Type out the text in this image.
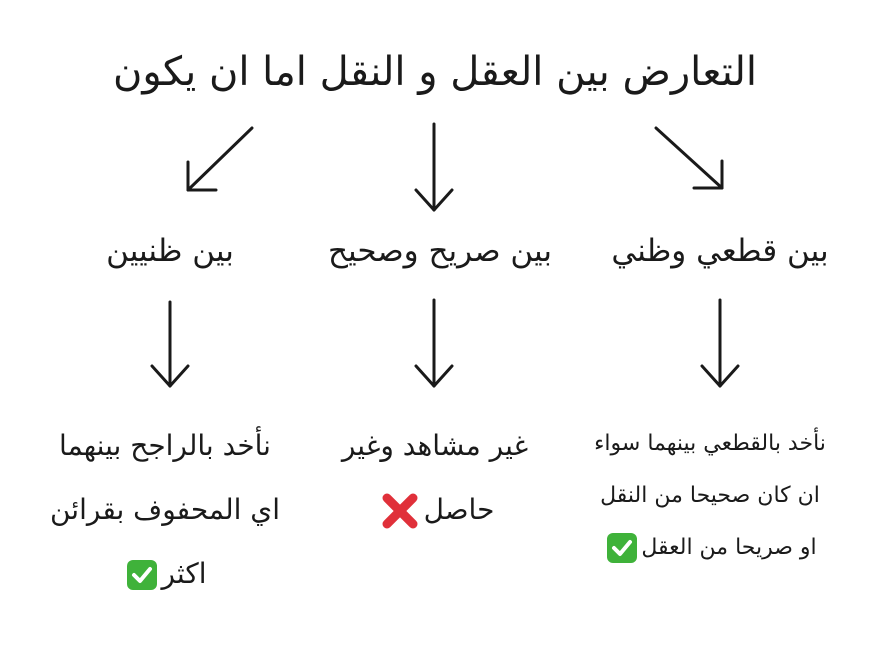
التعارض بين العقل و النقل اما ان يكون
بين قطعي وظني
بين صريح وصحيح
بين ظنيين
نأخد بالقطعي بينهما سواء
ان كان صحيحا من النقل
او صريحا من العقل
غير مشاهد وغير
حاصل
نأخد بالراجح بينهما
اي المحفوف بقرائن
اكثر
